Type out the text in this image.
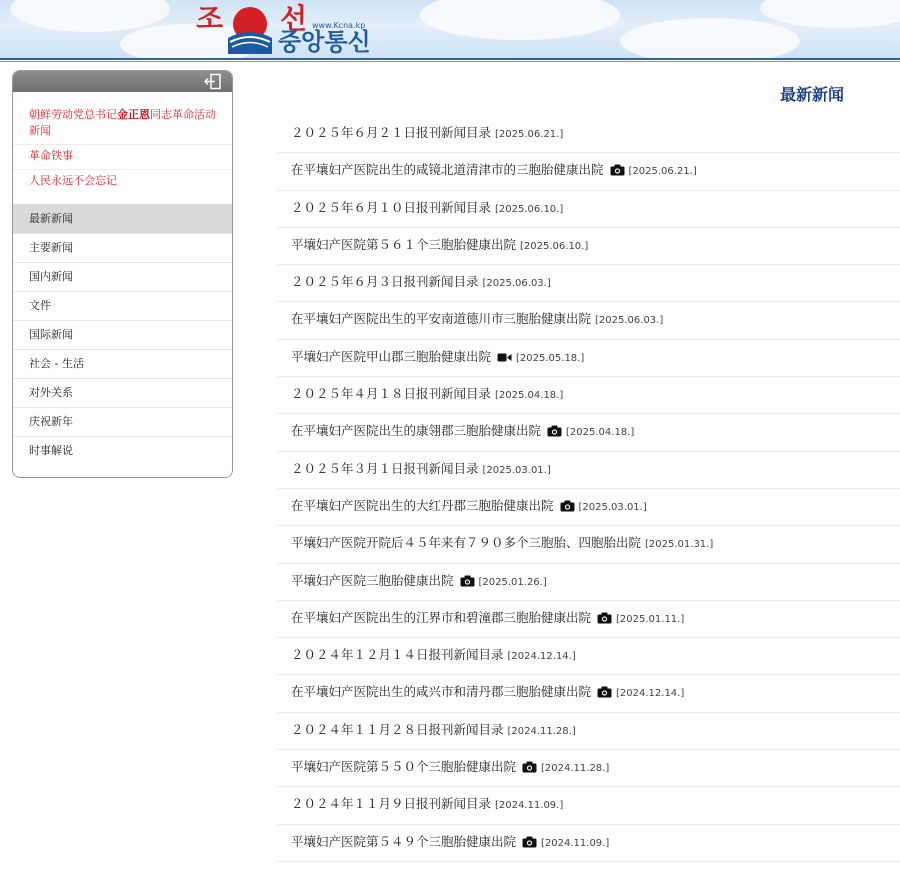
조 선 www.Kcna.kp
중앙통신
朝鲜劳动党总书记金正恩同志革命活动新闻
革命铁事
人民永远不会忘记
最新新闻
主要新闻
国内新闻
文件
国际新闻
社会 - 生活
对外关系
庆祝新年
时事解说
最新新闻
２０２５年６月２１日报刊新闻目录 [2025.06.21.]
在平壤妇产医院出生的咸镜北道清津市的三胞胎健康出院	[2025.06.21.]
２０２５年６月１０日报刊新闻目录 [2025.06.10.]
平壤妇产医院第５６１个三胞胎健康出院 [2025.06.10.]
２０２５年６月３日报刊新闻目录 [2025.06.03.]
在平壤妇产医院出生的平安南道德川市三胞胎健康出院 [2025.06.03.]
平壤妇产医院甲山郡三胞胎健康出院	[2025.05.18.]
２０２５年４月１８日报刊新闻目录 [2025.04.18.]
在平壤妇产医院出生的康翎郡三胞胎健康出院	[2025.04.18.]
２０２５年３月１日报刊新闻目录 [2025.03.01.]
在平壤妇产医院出生的大红丹郡三胞胎健康出院	[2025.03.01.]
平壤妇产医院开院后４５年来有７９０多个三胞胎、四胞胎出院 [2025.01.31.]
平壤妇产医院三胞胎健康出院	[2025.01.26.]
在平壤妇产医院出生的江界市和碧潼郡三胞胎健康出院	[2025.01.11.]
２０２４年１２月１４日报刊新闻目录 [2024.12.14.]
在平壤妇产医院出生的咸兴市和清丹郡三胞胎健康出院	[2024.12.14.]
２０２４年１１月２８日报刊新闻目录 [2024.11.28.]
平壤妇产医院第５５０个三胞胎健康出院	[2024.11.28.]
２０２４年１１月９日报刊新闻目录 [2024.11.09.]
平壤妇产医院第５４９个三胞胎健康出院	[2024.11.09.]
